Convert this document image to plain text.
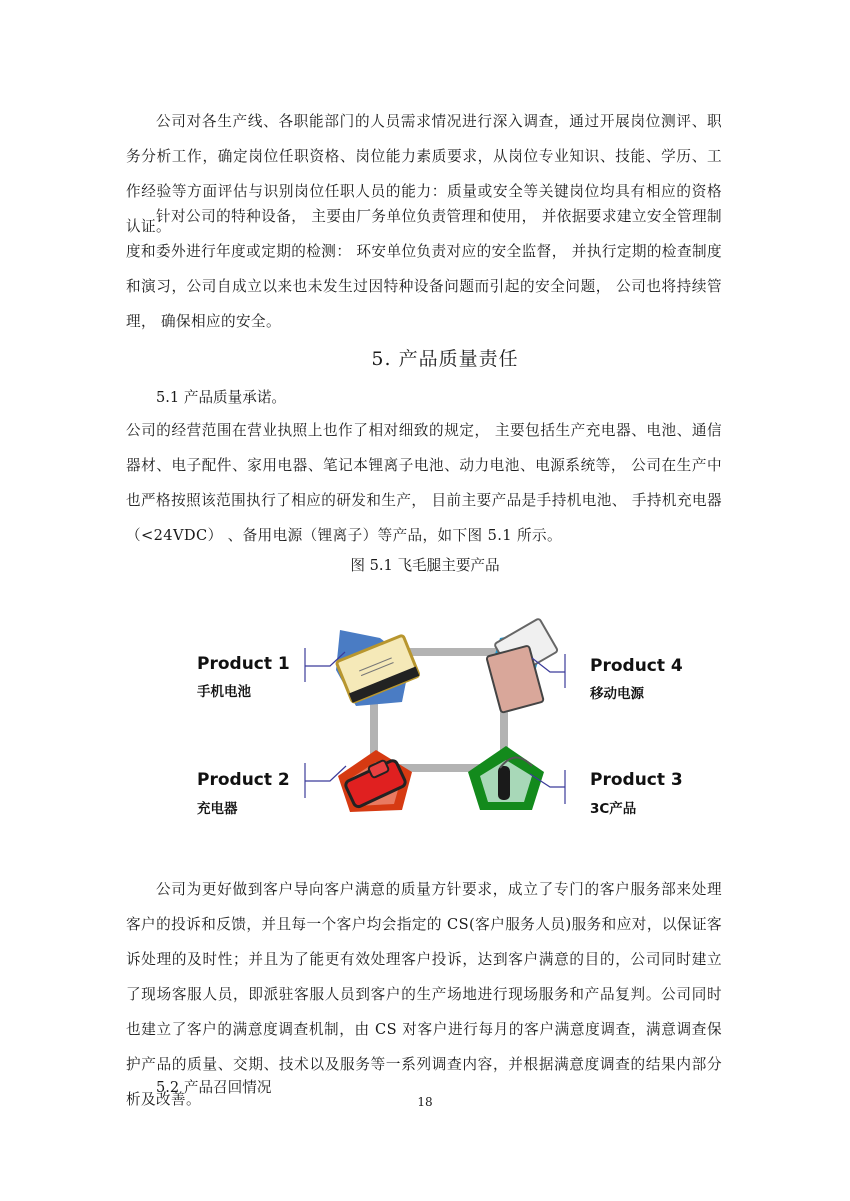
公司对各生产线、各职能部门的人员需求情况进行深入调查，通过开展岗位测评、职务分析工作，确定岗位任职资格、岗位能力素质要求，从岗位专业知识、技能、学历、工作经验等方面评估与识别岗位任职人员的能力：质量或安全等关键岗位均具有相应的资格认证。

针对公司的特种设备， 主要由厂务单位负责管理和使用， 并依据要求建立安全管理制度和委外进行年度或定期的检测： 环安单位负责对应的安全监督， 并执行定期的检查制度和演习，公司自成立以来也未发生过因特种设备问题而引起的安全问题， 公司也将持续管理， 确保相应的安全。

5. 产品质量责任

5.1 产品质量承诺。

公司的经营范围在营业执照上也作了相对细致的规定， 主要包括生产充电器、电池、通信器材、电子配件、家用电器、笔记本锂离子电池、动力电池、电源系统等， 公司在生产中也严格按照该范围执行了相应的研发和生产， 目前主要产品是手持机电池、 手持机充电器 （<24VDC） 、备用电源（锂离子）等产品，如下图 5.1 所示。

图 5.1 飞毛腿主要产品

Product 1
手机电池
Product 4
移动电源
Product 2
充电器
Product 3
3C产品

公司为更好做到客户导向客户满意的质量方针要求，成立了专门的客户服务部来处理客户的投诉和反馈，并且每一个客户均会指定的 CS(客户服务人员)服务和应对，以保证客诉处理的及时性；并且为了能更有效处理客户投诉，达到客户满意的目的，公司同时建立了现场客服人员，即派驻客服人员到客户的生产场地进行现场服务和产品复判。公司同时也建立了客户的满意度调查机制，由 CS 对客户进行每月的客户满意度调查，满意调查保护产品的质量、交期、技术以及服务等一系列调查内容，并根据满意度调查的结果内部分析及改善。

5.2 产品召回情况

18
